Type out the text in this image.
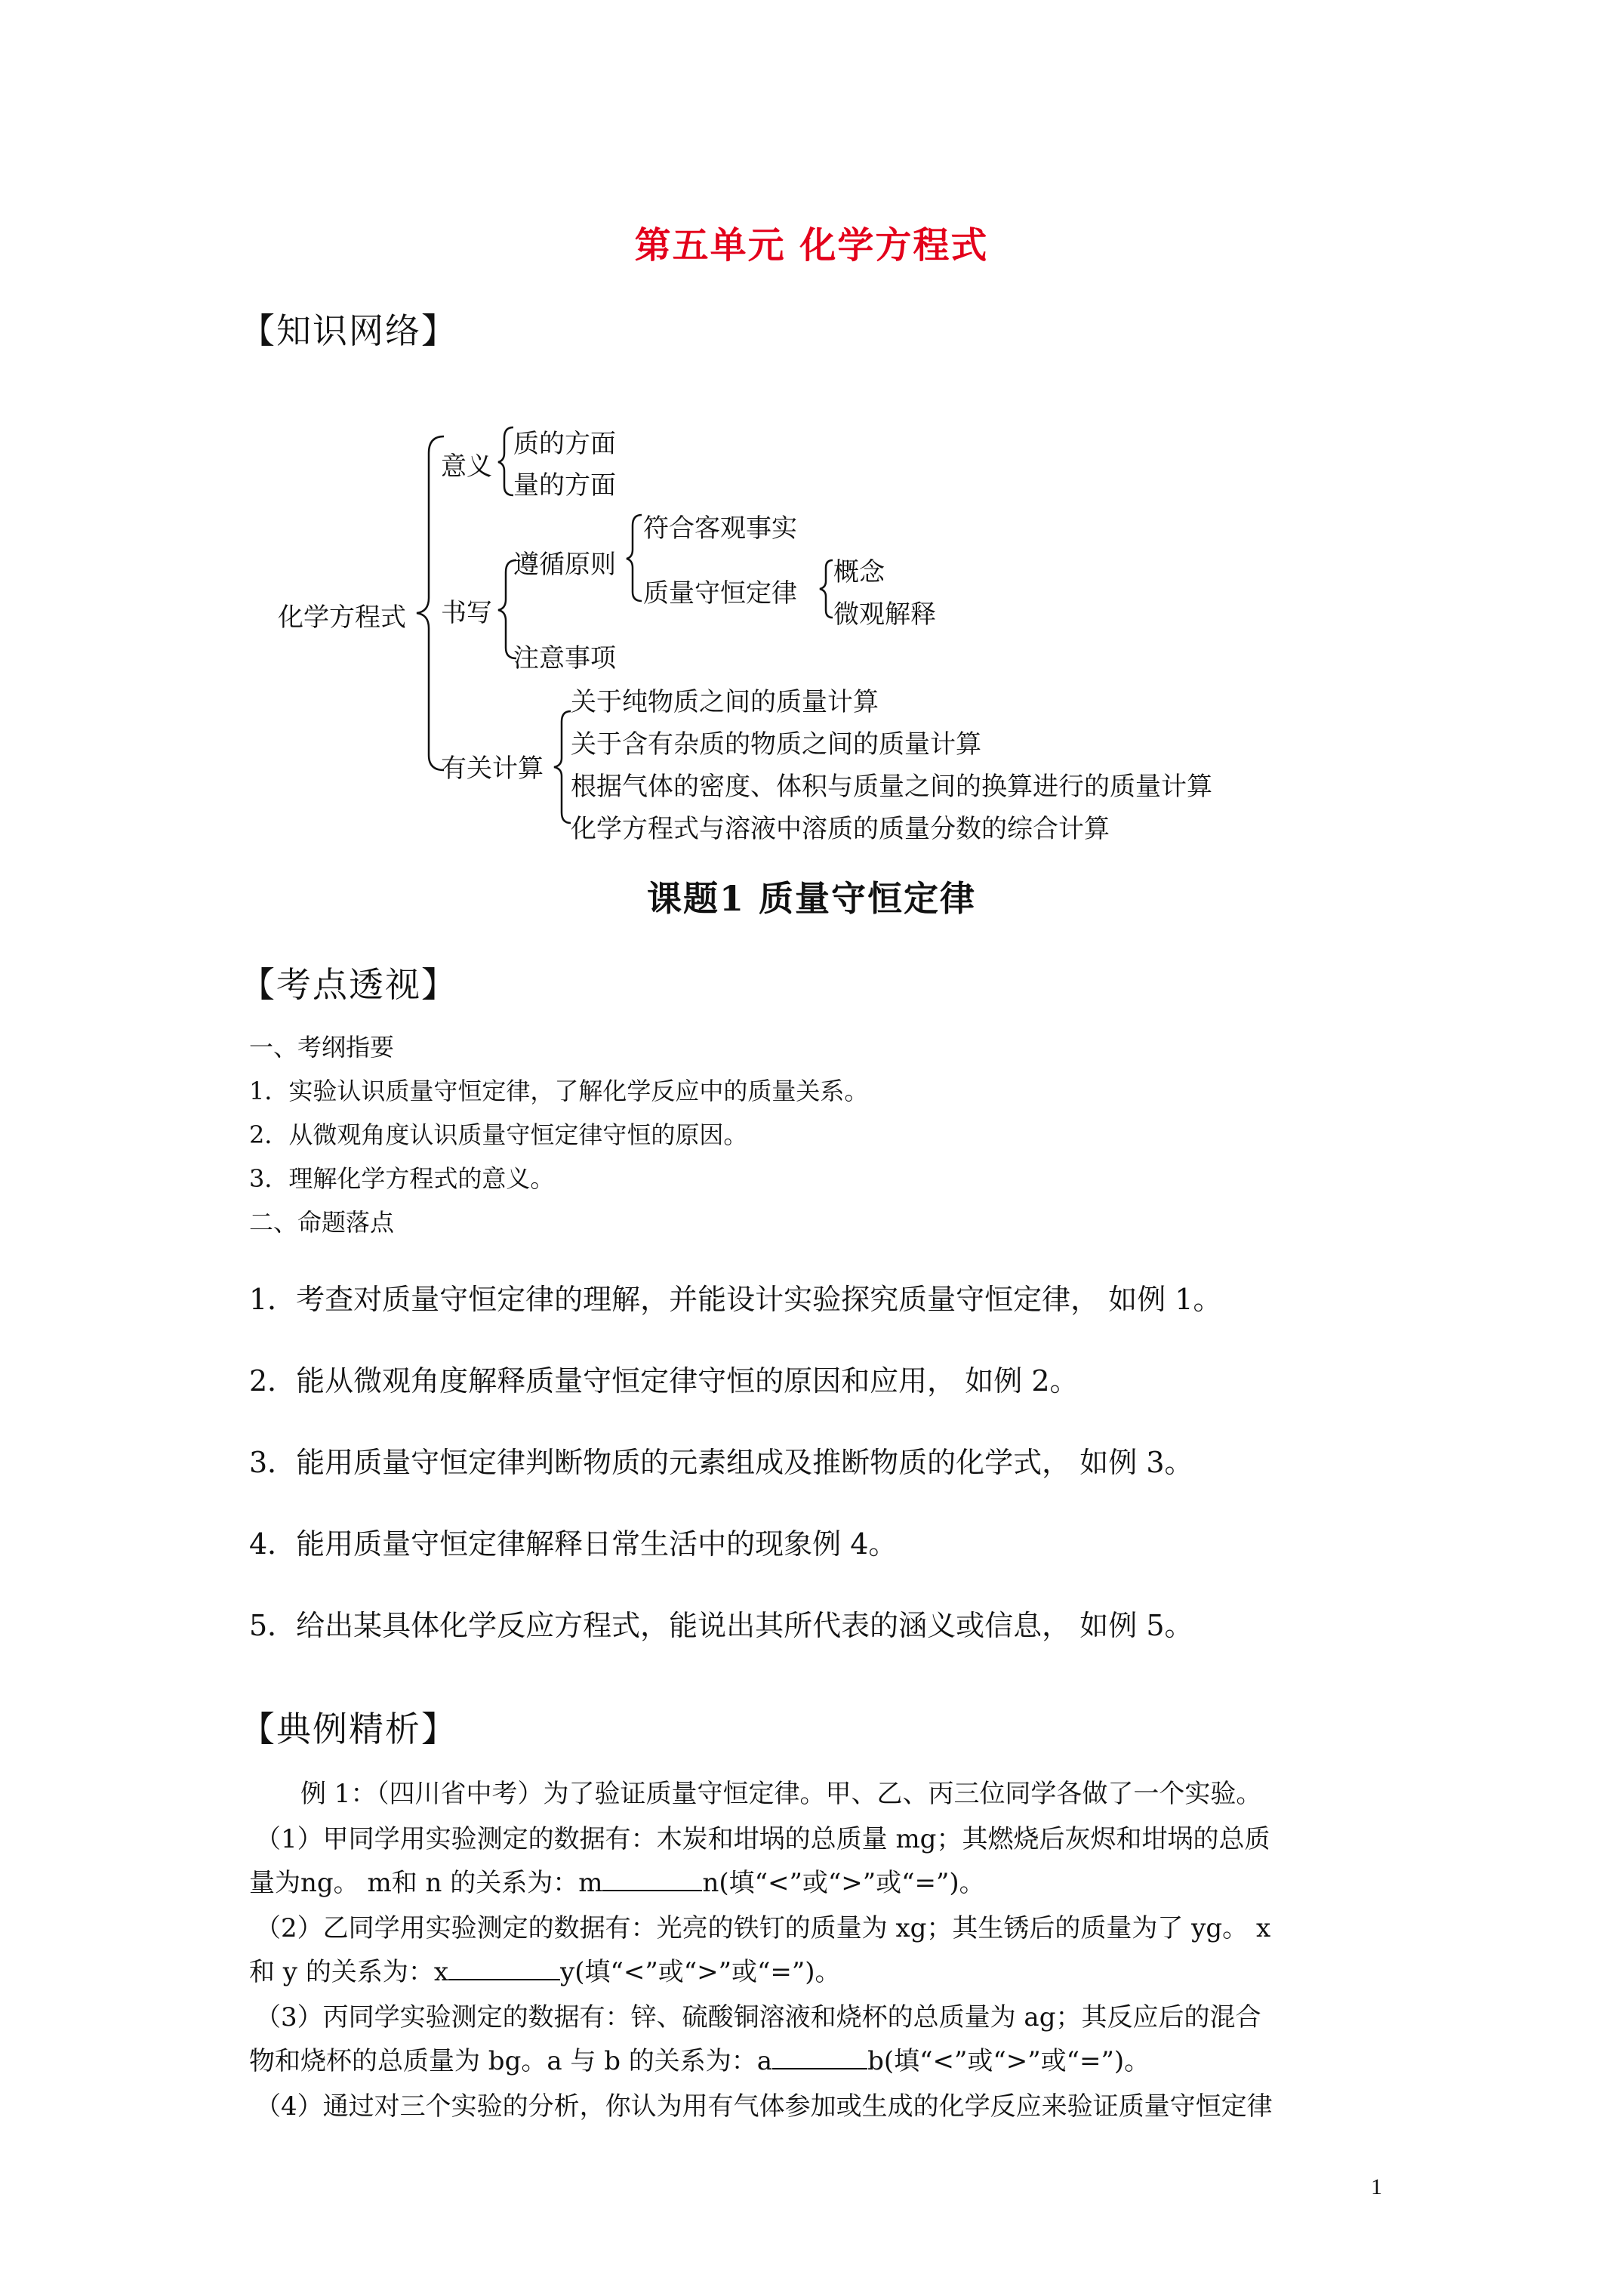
第五单元 化学方程式
【知识网络】
化学方程式
意义
质的方面
量的方面
书写
遵循原则
符合客观事实
质量守恒定律
概念
微观解释
注意事项
有关计算
关于纯物质之间的质量计算
关于含有杂质的物质之间的质量计算
根据气体的密度、体积与质量之间的换算进行的质量计算
化学方程式与溶液中溶质的质量分数的综合计算
课题1 质量守恒定律
【考点透视】
一、考纲指要
1．实验认识质量守恒定律，了解化学反应中的质量关系。
2．从微观角度认识质量守恒定律守恒的原因。
3．理解化学方程式的意义。
二、命题落点
1．考查对质量守恒定律的理解，并能设计实验探究质量守恒定律， 如例 1。
2．能从微观角度解释质量守恒定律守恒的原因和应用， 如例 2。
3．能用质量守恒定律判断物质的元素组成及推断物质的化学式， 如例 3。
4．能用质量守恒定律解释日常生活中的现象例 4。
5．给出某具体化学反应方程式，能说出其所代表的涵义或信息， 如例 5。
【典例精析】
例 1：（四川省中考）为了验证质量守恒定律。甲、乙、丙三位同学各做了一个实验。
（1）甲同学用实验测定的数据有：木炭和坩埚的总质量 mg；其燃烧后灰烬和坩埚的总质
量为ng。 m和 n 的关系为：m	n(填“<”或“>”或“=”)。
（2）乙同学用实验测定的数据有：光亮的铁钉的质量为 xg；其生锈后的质量为了 yg。 x
和 y 的关系为：x	y(填“<”或“>”或“=”)。
（3）丙同学实验测定的数据有：锌、硫酸铜溶液和烧杯的总质量为 ag；其反应后的混合
物和烧杯的总质量为 bg。a 与 b 的关系为：a	b(填“<”或“>”或“=”)。
（4）通过对三个实验的分析，你认为用有气体参加或生成的化学反应来验证质量守恒定律
1
